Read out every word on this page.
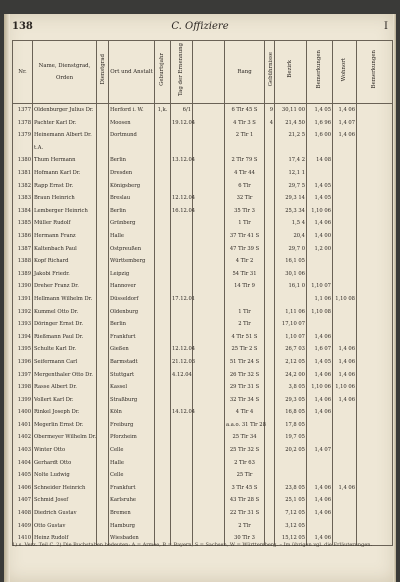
138	C. Offiziere	I
Nr.	Name, Dienstgrad, Orden	Dienstgrad	Ort und Anstalt	Geburtsjahr	Tag der Ernennung		Rang	Gebührnisse	Bezirk	Bemerkungen	Wohnort	Bemerkungen
1377	Oldenburger Julius Dr.		Herford i. W.	1,k.	6/1		6 Tlr 45 S	9	30,11 00	1,4 05	1,4 06	
1378	Pachter Karl Dr.		Moosen		19.12.04		4 Tlr 3 S	4	21,4 50	1,6 96	1,4 07	
1379	Heinemann Albert Dr.		Dortmund				2 Tlr 1		21,2 5	1,6 00	1,4 06	
	t.A.											
1380	Thum Hermann		Berlin		13.12.04		2 Tlr 79 S		17,4 2	14 08		
1381	Hofmann Karl Dr.		Dresden				4 Tlr 44		12,1 1			
1382	Rapp Ernst Dr.		Königsberg				6 Tlr		29,7 5	1,4 05		
1383	Braun Heinrich		Breslau		12.12.04		32 Tlr		29,3 14	1,4 05		
1384	Lemberger Heinrich		Berlin		16.12.04		35 Tlr 3		25,3 34	1,10 06		
1385	Müller Rudolf		Grünberg				1 Tlr		1,5 4	1,4 06		
1386	Hermann Franz		Halle				37 Tlr 41 S		20,4	1,4 00		
1387	Kaltenbach Paul		Ostpreußen				47 Tlr 39 S		29,7 0	1,2 00		
1388	Kopf Richard		Württemberg				4 Tlr 2		16,1 05			
1389	Jakobi Friedr.		Leipzig				54 Tlr 31		30,1 06			
1390	Dreher Franz Dr.		Hannover				14 Tlr 9		16,1 0	1,10 07		
1391	Hellmann Wilhelm Dr.		Düsseldorf		17.12.01					1,1 06	1,10 08	
1392	Kummel Otto Dr.		Oldenburg				1 Tlr		1,11 06	1,10 08		
1393	Döringer Ernst Dr.		Berlin				2 Tlr		17,10 07			
1394	Rießmann Paul Dr.		Frankfurt				4 Tlr 51 S		1,10 07	1,4 06		
1395	Schulte Karl Dr.		Gießen		12.12.04		25 Tlr 2 S		26,7 03	1,6 07	1,4 06	
1396	Seifermann Carl		Barmstadt		21.12.03		51 Tlr 24 S		2,12 05	1,4 05	1,4 06	
1397	Mergenthaler Otto Dr.		Stuttgart		4.12.04		26 Tlr 32 S		24,2 00	1,4 06	1,4 06	
1398	Rasse Albert Dr.		Kassel				29 Tlr 31 S		3,8 05	1,10 06	1,10 06	
1399	Vollert Karl Dr.		Straßburg				32 Tlr 34 S		29,3 05	1,4 06	1,4 06	
1400	Rinkel Joseph Dr.		Köln		14.12.04		4 Tlr 4		16,8 05	1,4 06		
1401	Megerlin Ernst Dr.		Freiburg				a.a.o. 31 Tlr 28		17,8 05			
1402	Obermeyer Wilhelm Dr.		Pforzheim				25 Tlr 34		19,7 05			
1403	Winter Otto		Celle				25 Tlr 32 S		20,2 05	1,4 07		
1404	Gerhardt Otto		Halle				2 Tlr 63					
1405	Nolte Ludwig		Celle				25 Tlr					
1406	Schneider Heinrich		Frankfurt				3 Tlr 45 S		23,8 05	1,4 06	1,4 06	
1407	Schmid Josef		Karlsruhe				43 Tlr 28 S		25,1 05	1,4 06		
1408	Diedrich Gustav		Bremen				22 Tlr 31 S		7,12 05	1,4 06		
1409	Otto Gustav		Hamburg				2 Tlr		3,12 05			
1410	Heinz Rudolf		Wiesbaden				30 Tlr 3		15,12 05	1,4 06		
1) s. Verz. Teil C. 2) Die Buchstaben bedeuten: A = Armee, B = Bayern, S = Sachsen, W = Württemberg. – Im übrigen vgl. die Erläuterungen.
